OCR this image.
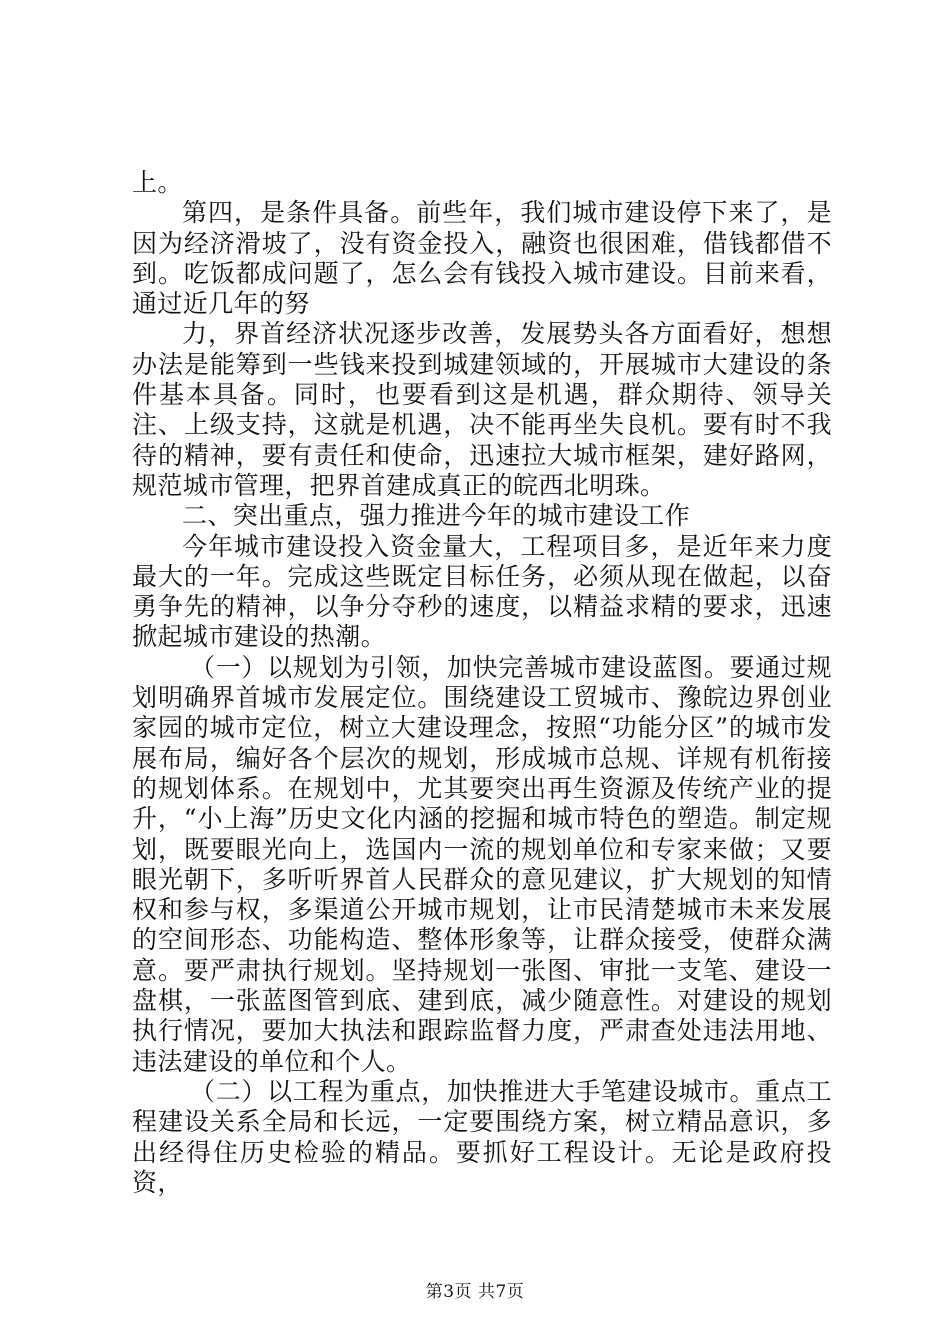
上。

第四，是条件具备。前些年，我们城市建设停下来了，是因为经济滑坡了，没有资金投入，融资也很困难，借钱都借不到。吃饭都成问题了，怎么会有钱投入城市建设。目前来看，通过近几年的努

力，界首经济状况逐步改善，发展势头各方面看好，想想办法是能筹到一些钱来投到城建领域的，开展城市大建设的条件基本具备。同时，也要看到这是机遇，群众期待、领导关注、上级支持，这就是机遇，决不能再坐失良机。要有时不我待的精神，要有责任和使命，迅速拉大城市框架，建好路网，规范城市管理，把界首建成真正的皖西北明珠。

二、突出重点，强力推进今年的城市建设工作

今年城市建设投入资金量大，工程项目多，是近年来力度最大的一年。完成这些既定目标任务，必须从现在做起，以奋勇争先的精神，以争分夺秒的速度，以精益求精的要求，迅速掀起城市建设的热潮。

（一）以规划为引领，加快完善城市建设蓝图。要通过规划明确界首城市发展定位。围绕建设工贸城市、豫皖边界创业家园的城市定位，树立大建设理念，按照“功能分区”的城市发展布局，编好各个层次的规划，形成城市总规、详规有机衔接的规划体系。在规划中，尤其要突出再生资源及传统产业的提升，“小上海”历史文化内涵的挖掘和城市特色的塑造。制定规划，既要眼光向上，选国内一流的规划单位和专家来做；又要眼光朝下，多听听界首人民群众的意见建议，扩大规划的知情权和参与权，多渠道公开城市规划，让市民清楚城市未来发展的空间形态、功能构造、整体形象等，让群众接受，使群众满意。要严肃执行规划。坚持规划一张图、审批一支笔、建设一盘棋，一张蓝图管到底、建到底，减少随意性。对建设的规划执行情况，要加大执法和跟踪监督力度，严肃查处违法用地、违法建设的单位和个人。

（二）以工程为重点，加快推进大手笔建设城市。重点工程建设关系全局和长远，一定要围绕方案，树立精品意识，多出经得住历史检验的精品。要抓好工程设计。无论是政府投资，

第3页 共7页
